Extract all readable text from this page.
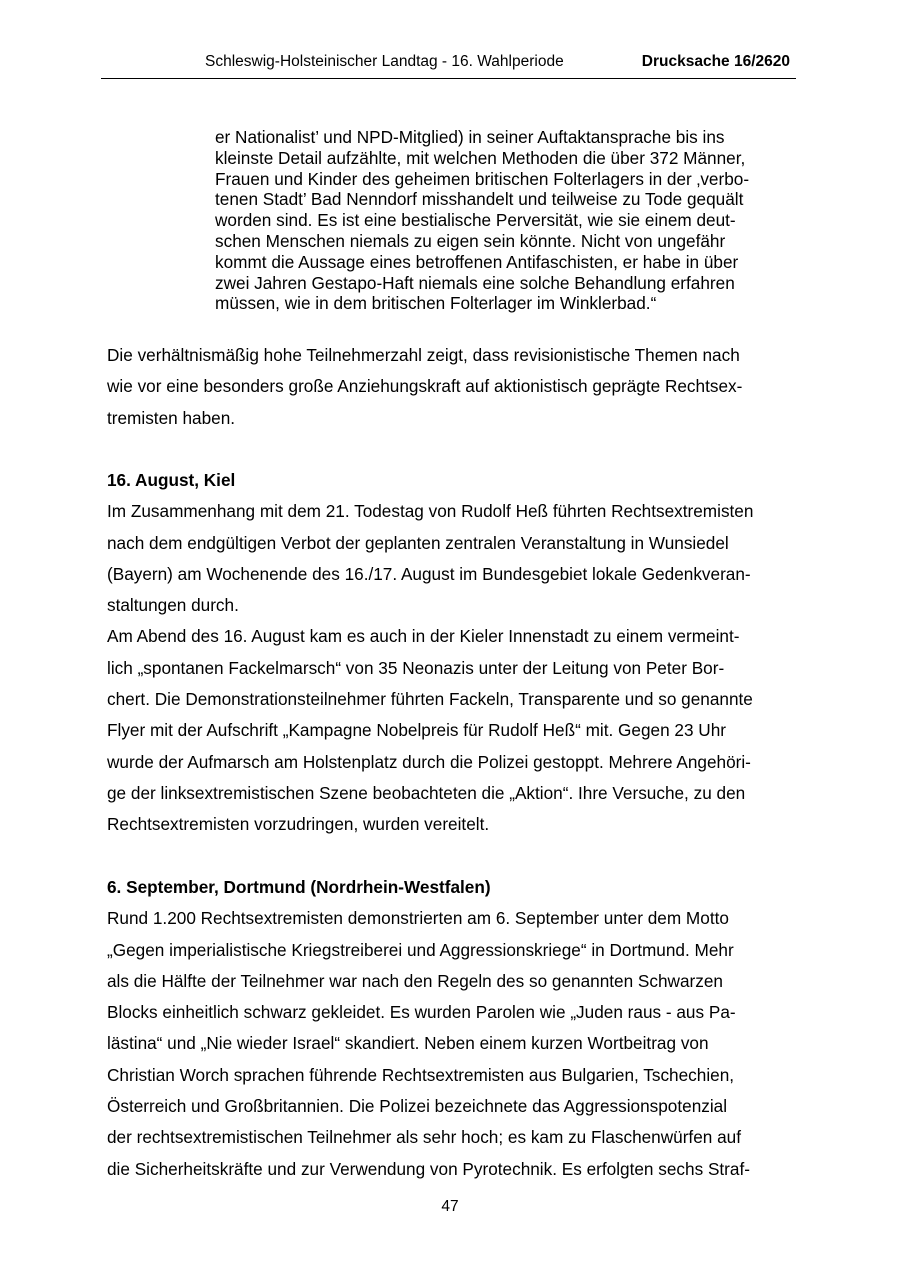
Schleswig-Holsteinischer Landtag - 16. Wahlperiode	Drucksache 16/2620
er Nationalist’ und NPD-Mitglied) in seiner Auftaktansprache bis ins
kleinste Detail aufzählte, mit welchen Methoden die über 372 Männer,
Frauen und Kinder des geheimen britischen Folterlagers in der ‚verbo-
tenen Stadt’ Bad Nenndorf misshandelt und teilweise zu Tode gequält
worden sind. Es ist eine bestialische Perversität, wie sie einem deut-
schen Menschen niemals zu eigen sein könnte. Nicht von ungefähr
kommt die Aussage eines betroffenen Antifaschisten, er habe in über
zwei Jahren Gestapo-Haft niemals eine solche Behandlung erfahren
müssen, wie in dem britischen Folterlager im Winklerbad.“
Die verhältnismäßig hohe Teilnehmerzahl zeigt, dass revisionistische Themen nach
wie vor eine besonders große Anziehungskraft auf aktionistisch geprägte Rechtsex-
tremisten haben.
16. August, Kiel
Im Zusammenhang mit dem 21. Todestag von Rudolf Heß führten Rechtsextremisten
nach dem endgültigen Verbot der geplanten zentralen Veranstaltung in Wunsiedel
(Bayern) am Wochenende des 16./17. August im Bundesgebiet lokale Gedenkveran-
staltungen durch.
Am Abend des 16. August kam es auch in der Kieler Innenstadt zu einem vermeint-
lich „spontanen Fackelmarsch“ von 35 Neonazis unter der Leitung von Peter Bor-
chert. Die Demonstrationsteilnehmer führten Fackeln, Transparente und so genannte
Flyer mit der Aufschrift „Kampagne Nobelpreis für Rudolf Heß“ mit. Gegen 23 Uhr
wurde der Aufmarsch am Holstenplatz durch die Polizei gestoppt. Mehrere Angehöri-
ge der linksextremistischen Szene beobachteten die „Aktion“. Ihre Versuche, zu den
Rechtsextremisten vorzudringen, wurden vereitelt.
6. September, Dortmund (Nordrhein-Westfalen)
Rund 1.200 Rechtsextremisten demonstrierten am 6. September unter dem Motto
„Gegen imperialistische Kriegstreiberei und Aggressionskriege“ in Dortmund. Mehr
als die Hälfte der Teilnehmer war nach den Regeln des so genannten Schwarzen
Blocks einheitlich schwarz gekleidet. Es wurden Parolen wie „Juden raus - aus Pa-
lästina“ und „Nie wieder Israel“ skandiert. Neben einem kurzen Wortbeitrag von
Christian Worch sprachen führende Rechtsextremisten aus Bulgarien, Tschechien,
Österreich und Großbritannien. Die Polizei bezeichnete das Aggressionspotenzial
der rechtsextremistischen Teilnehmer als sehr hoch; es kam zu Flaschenwürfen auf
die Sicherheitskräfte und zur Verwendung von Pyrotechnik. Es erfolgten sechs Straf-
47
